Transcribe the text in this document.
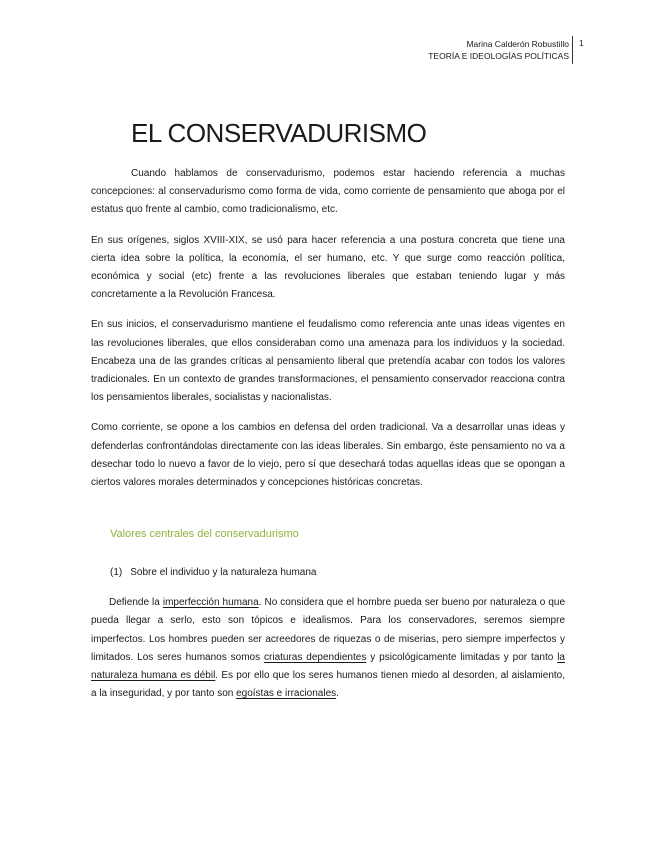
Marina Calderón Robustillo
TEORÍA E IDEOLOGÍAS POLÍTICAS
1
EL CONSERVADURISMO

Cuando hablamos de conservadurismo, podemos estar haciendo referencia a muchas concepciones: al conservadurismo como forma de vida, como corriente de pensamiento que aboga por el estatus quo frente al cambio, como tradicionalismo, etc.

En sus orígenes, siglos XVIII-XIX, se usó para hacer referencia a una postura concreta que tiene una cierta idea sobre la política, la economía, el ser humano, etc. Y que surge como reacción política, económica y social (etc) frente a las revoluciones liberales que estaban teniendo lugar y más concretamente a la Revolución Francesa.

En sus inicios, el conservadurismo mantiene el feudalismo como referencia ante unas ideas vigentes en las revoluciones liberales, que ellos consideraban como una amenaza para los individuos y la sociedad. Encabeza una de las grandes críticas al pensamiento liberal que pretendía acabar con todos los valores tradicionales. En un contexto de grandes transformaciones, el pensamiento conservador reacciona contra los pensamientos liberales, socialistas y nacionalistas.

Como corriente, se opone a los cambios en defensa del orden tradicional. Va a desarrollar unas ideas y defenderlas confrontándolas directamente con las ideas liberales. Sin embargo, éste pensamiento no va a desechar todo lo nuevo a favor de lo viejo, pero sí que desechará todas aquellas ideas que se opongan a ciertos valores morales determinados y concepciones históricas concretas.

Valores centrales del conservadurismo
(1) Sobre el individuo y la naturaleza humana

Defiende la imperfección humana. No considera que el hombre pueda ser bueno por naturaleza o que pueda llegar a serlo, esto son tópicos e idealismos. Para los conservadores, seremos siempre imperfectos. Los hombres pueden ser acreedores de riquezas o de miserias, pero siempre imperfectos y limitados. Los seres humanos somos criaturas dependientes y psicológicamente limitadas y por tanto la naturaleza humana es débil. Es por ello que los seres humanos tienen miedo al desorden, al aislamiento, a la inseguridad, y por tanto son egoístas e irracionales.
